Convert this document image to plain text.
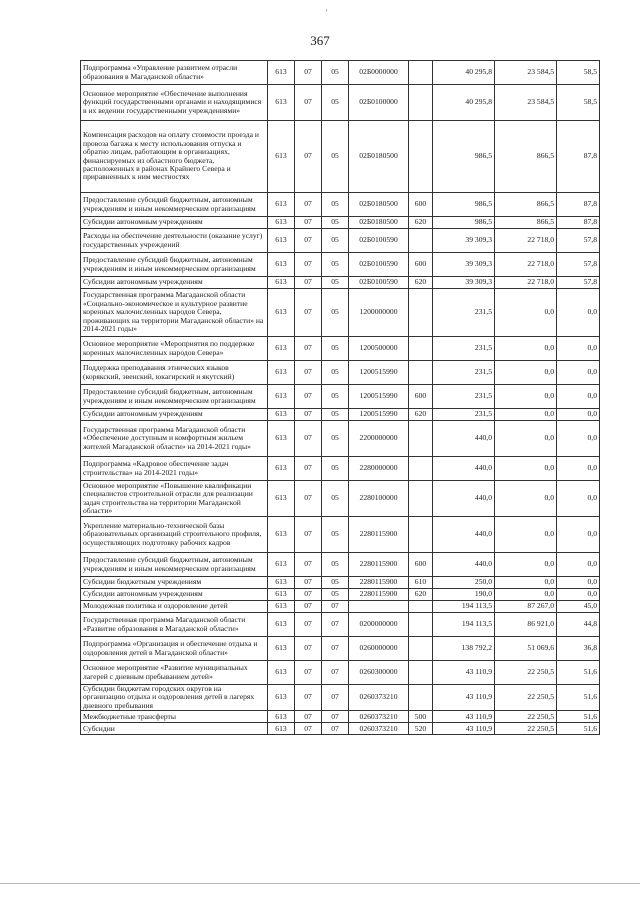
'
367
Подпрограмма «Управление развитием отрасли образования в Магаданской области»	613	07	05	02Б0000000		40 295,8	23 584,5	58,5
Основное мероприятие «Обеспечение выполнения функций государственными органами и находящимися в их ведении государственными учреждениями»	613	07	05	02Б0100000		40 295,8	23 584,5	58,5
Компенсация расходов на оплату стоимости проезда и провоза багажа к месту использования отпуска и обратно лицам, работающим в организациях, финансируемых из областного бюджета, расположенных в районах Крайнего Севера и приравненных к ним местностях	613	07	05	02Б0180500		986,5	866,5	87,8
Предоставление субсидий бюджетным, автономным учреждениям и иным некоммерческим организациям	613	07	05	02Б0180500	600	986,5	866,5	87,8
Субсидии автономным учреждениям	613	07	05	02Б0180500	620	986,5	866,5	87,8
Расходы на обеспечение деятельности (оказание услуг) государственных учреждений	613	07	05	02Б0100590		39 309,3	22 718,0	57,8
Предоставление субсидий бюджетным, автономным учреждениям и иным некоммерческим организациям	613	07	05	02Б0100590	600	39 309,3	22 718,0	57,8
Субсидии автономным учреждениям	613	07	05	02Б0100590	620	39 309,3	22 718,0	57,8
Государственная программа Магаданской области «Социально-экономическое и культурное развитие коренных малочисленных народов Севера, проживающих на территории Магаданской области» на 2014-2021 годы»	613	07	05	1200000000		231,5	0,0	0,0
Основное мероприятие «Мероприятия по поддержке коренных малочисленных народов Севера»	613	07	05	1200500000		231,5	0,0	0,0
Поддержка преподавания этнических языков (корякский, эвенский, юкагирский и якутский)	613	07	05	1200515990		231,5	0,0	0,0
Предоставление субсидий бюджетным, автономным учреждениям и иным некоммерческим организациям	613	07	05	1200515990	600	231,5	0,0	0,0
Субсидии автономным учреждениям	613	07	05	1200515990	620	231,5	0,0	0,0
Государственная программа Магаданской области «Обеспечение доступным и комфортным жильем жителей Магаданской области» на 2014-2021 годы»	613	07	05	2200000000		440,0	0,0	0,0
Подпрограмма «Кадровое обеспечение задач строительства» на 2014-2021 годы»	613	07	05	2280000000		440,0	0,0	0,0
Основное мероприятие «Повышение квалификации специалистов строительной отрасли для реализации задач строительства на территории Магаданской области»	613	07	05	2280100000		440,0	0,0	0,0
Укрепление материально-технической базы образовательных организаций строительного профиля, осуществляющих подготовку рабочих кадров	613	07	05	2280115900		440,0	0,0	0,0
Предоставление субсидий бюджетным, автономным учреждениям и иным некоммерческим организациям	613	07	05	2280115900	600	440,0	0,0	0,0
Субсидии бюджетным учреждениям	613	07	05	2280115900	610	250,0	0,0	0,0
Субсидии автономным учреждениям	613	07	05	2280115900	620	190,0	0,0	0,0
Молодежная политика и оздоровление детей	613	07	07			194 113,5	87 267,0	45,0
Государственная программа Магаданской области «Развитие образования в Магаданской области»	613	07	07	0200000000		194 113,5	86 921,0	44,8
Подпрограмма «Организация и обеспечение отдыха и оздоровления детей в Магаданской области»	613	07	07	0260000000		138 792,2	51 069,6	36,8
Основное мероприятие «Развитие муниципальных лагерей с дневным пребыванием детей»	613	07	07	0260300000		43 110,9	22 250,5	51,6
Субсидии бюджетам городских округов на организацию отдыха и оздоровления детей в лагерях дневного пребывания	613	07	07	0260373210		43 110,9	22 250,5	51,6
Межбюджетные трансферты	613	07	07	0260373210	500	43 110,9	22 250,5	51,6
Субсидии	613	07	07	0260373210	520	43 110,9	22 250,5	51,6
